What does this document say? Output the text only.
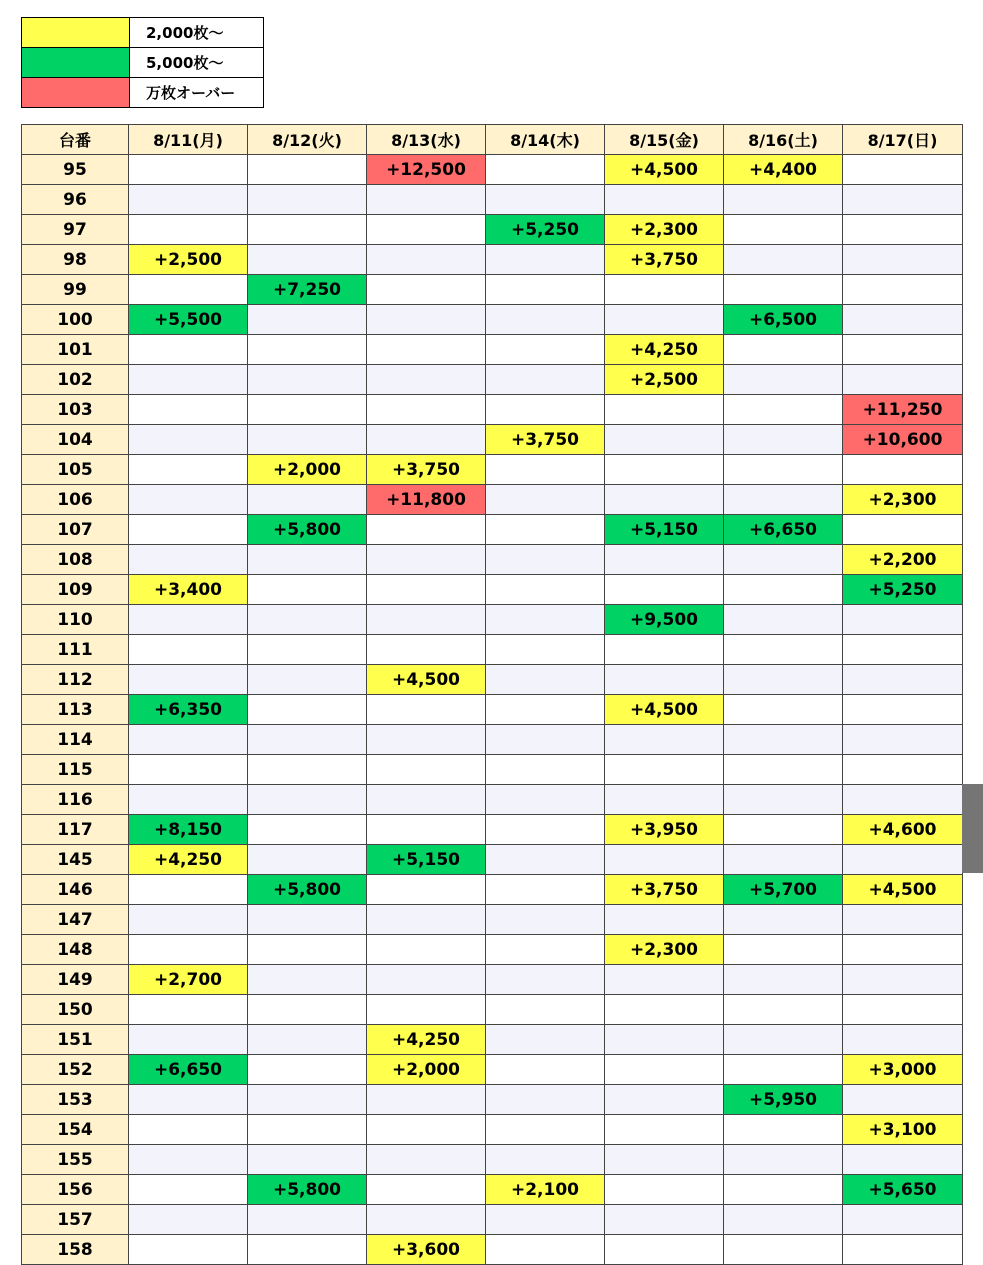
	2,000枚～
	5,000枚～
	万枚オーバー
台番	8/11(月)	8/12(火)	8/13(水)	8/14(木)	8/15(金)	8/16(土)	8/17(日)
95			+12,500		+4,500	+4,400	
96							
97				+5,250	+2,300		
98	+2,500				+3,750		
99		+7,250					
100	+5,500					+6,500	
101					+4,250		
102					+2,500		
103							+11,250
104				+3,750			+10,600
105		+2,000	+3,750				
106			+11,800				+2,300
107		+5,800			+5,150	+6,650	
108							+2,200
109	+3,400						+5,250
110					+9,500		
111							
112			+4,500				
113	+6,350				+4,500		
114							
115							
116							
117	+8,150				+3,950		+4,600
145	+4,250		+5,150				
146		+5,800			+3,750	+5,700	+4,500
147							
148					+2,300		
149	+2,700						
150							
151			+4,250				
152	+6,650		+2,000				+3,000
153						+5,950	
154							+3,100
155							
156		+5,800		+2,100			+5,650
157							
158			+3,600				
